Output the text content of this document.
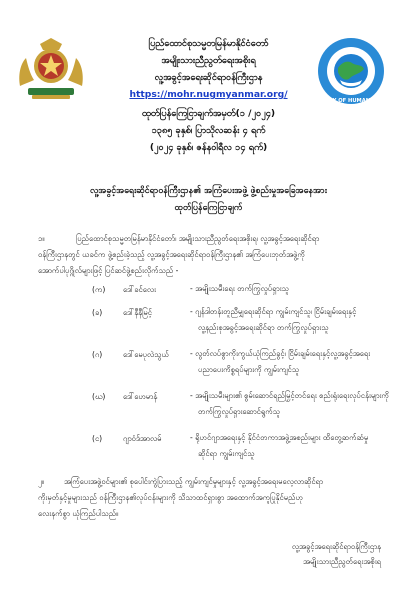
MINISTRY OF HUMAN RIGHTS
ပြည်ထောင်စုသမ္မတမြန်မာနိုင်ငံတော်
အမျိုးသားညီညွတ်ရေးအစိုးရ
လူ့အခွင့်အရေးဆိုင်ရာဝန်ကြီးဌာန
https://mohr.nugmyanmar.org/
ထုတ်ပြန်ကြေငြာချက်အမှတ်(၁ /၂၀၂၄)
၁၃၈၅ ခုနှစ်၊ ပြာသိုလဆန်း ၄ ရက်
(၂၀၂၄ ခုနှစ်၊ ဇန်နဝါရီလ ၁၄ ရက်)
လူ့အခွင့်အရေးဆိုင်ရာဝန်ကြီးဌာန၏ အကြံပေးအဖွဲ့ ဖွဲ့စည်းမှုအခြေအနေအား
ထုတ်ပြန်ကြေငြာချက်
၁။	ပြည်ထောင်စုသမ္မတမြန်မာနိုင်ငံတော်၊ အမျိုးသားညီညွတ်ရေးအစိုးရ၊ လူ့အခွင့်အရေးဆိုင်ရာ
ဝန်ကြီးဌာနတွင် ယခင်က ဖွဲ့စည်းခဲ့သည့် လူ့အခွင့်အရေးဆိုင်ရာဝန်ကြီးဌာန၏ အကြံပေးဘုတ်အဖွဲ့ကို
အောက်ပါပုဂ္ဂိုလ်များဖြင့် ပြင်ဆင်ဖွဲ့စည်းလိုက်သည် -
(က) ဒေါ်ခင်လေး	- အမျိုးသမီးရေး တက်ကြွလှုပ်ရှားသူ
(ခ)	ဒေါ်နီနီမြင့်	- ဂျန်ဒါတန်းတူညီမျှရေးဆိုင်ရာ ကျွမ်းကျင်သူ၊ ငြိမ်းချမ်းရေးနှင့်
လူ့နည်းစုအခွင့်အရေးဆိုင်ရာ တက်ကြွလှုပ်ရှားသူ
(ဂ)	ဒေါ်မေပုလဲသွယ်	- လွတ်လပ်စွာကိုးကွယ်ယုံကြည်ခွင့်၊ ငြိမ်းချမ်းရေးနှင့်လူ့အခွင့်အရေး
ပညာပေးကိစ္စရပ်များကို ကျွမ်းကျင်သူ
(ဃ) ဒေါ်ဟေမာန်	- အမျိုးသမီးများ၏ စွမ်းဆောင်ရည်မြှင့်တင်ရေး စည်းရုံးရေးလုပ်ငန်းများကို
တက်ကြွလှုပ်ရှားဆောင်ရွက်သူ
(င)	ဂျာဝံဒ်အာလမ်	- ရိုဟင်ဂျာအရေးနှင့် နိုင်ငံတကာအဖွဲ့အစည်းများ ထိတွေ့ဆက်ဆံမှု
ဆိုင်ရာ ကျွမ်းကျင်သူ
၂။	အကြံပေးအဖွဲ့ဝင်များ၏ စုပေါင်းကွဲပြားသည့် ကျွမ်းကျင်မှုများနှင့် လူ့အခွင့်အရေးမလေ့လာဆိုင်ရာ
ကိုးမှတ်နှင့်မှုများသည် ဝန်ကြီးဌာန၏လုပ်ငန်းများကို သိသာထင်ရှားစွာ အထောက်အကူပြုနိုင်မည်ဟု
လေးနက်စွာ ယုံကြည်ပါသည်။
လူ့အခွင့်အရေးဆိုင်ရာဝန်ကြီးဌာန
အမျိုးသားညီညွတ်ရေးအစိုးရ
